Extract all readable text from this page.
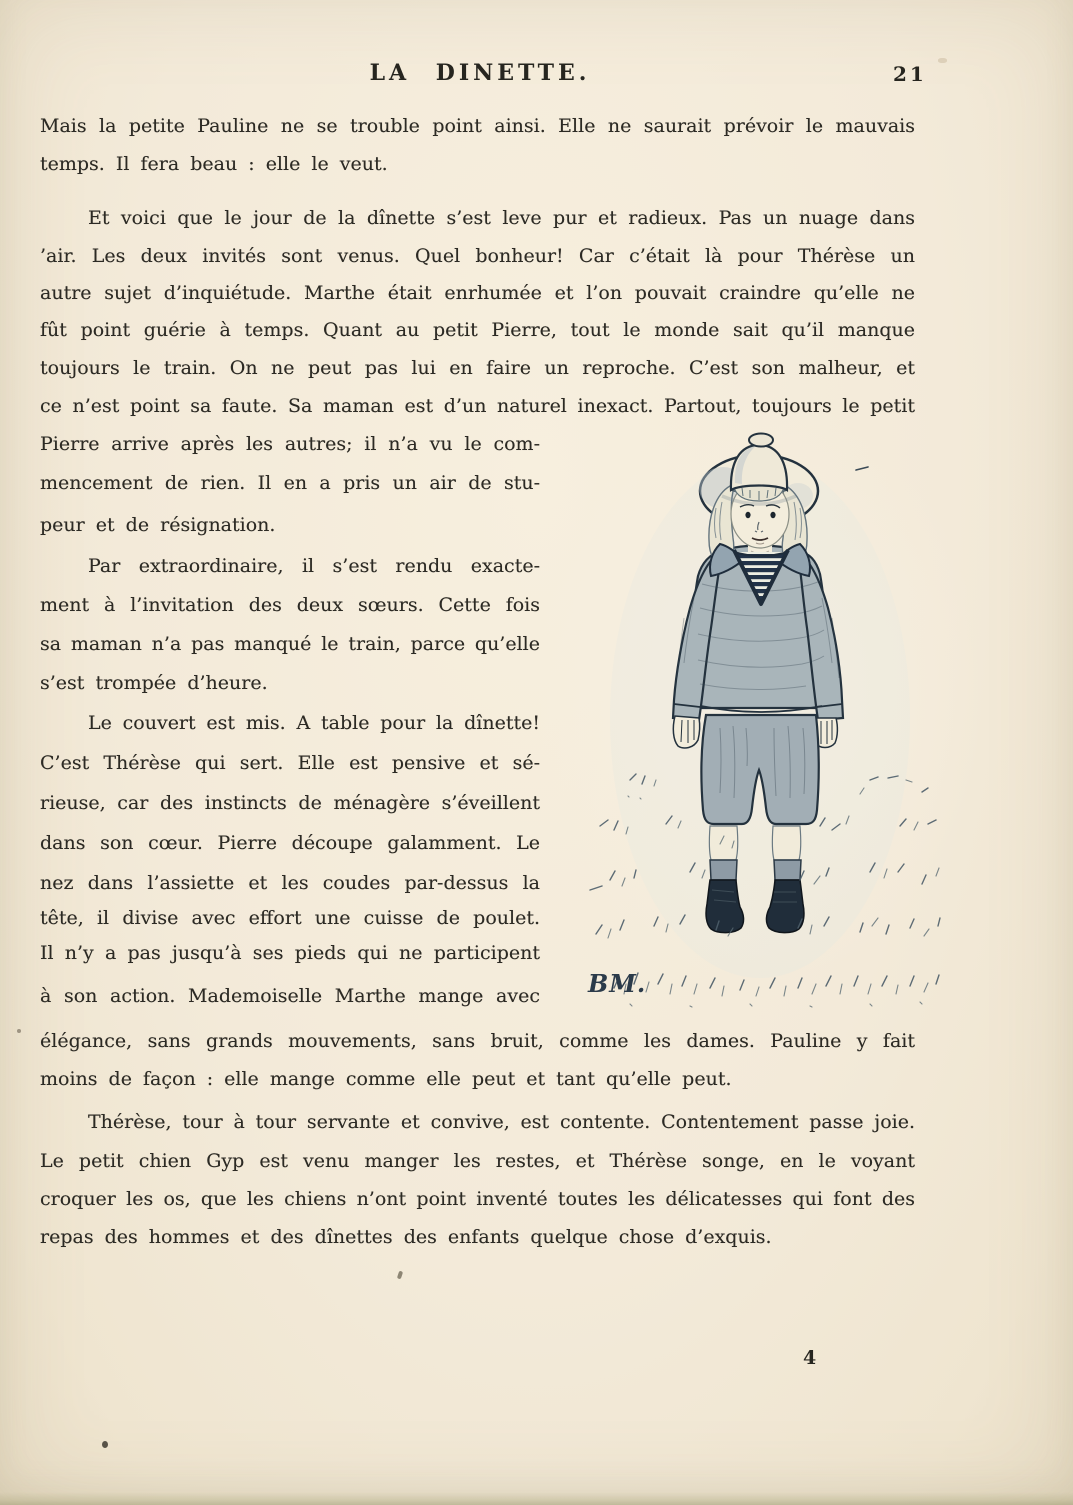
LA DINETTE.	21
Mais la petite Pauline ne se trouble point ainsi. Elle ne saurait prévoir le mauvais
temps. Il fera beau : elle le veut.
Et voici que le jour de la dînette s’est leve pur et radieux. Pas un nuage dans
’air. Les deux invités sont venus. Quel bonheur! Car c’était là pour Thérèse un
autre sujet d’inquiétude. Marthe était enrhumée et l’on pouvait craindre qu’elle ne
fût point guérie à temps. Quant au petit Pierre, tout le monde sait qu’il manque
toujours le train. On ne peut pas lui en faire un reproche. C’est son malheur, et
ce n’est point sa faute. Sa maman est d’un naturel inexact. Partout, toujours le petit
Pierre arrive après les autres; il n’a vu le com-
mencement de rien. Il en a pris un air de stu-
peur et de résignation.
Par extraordinaire, il s’est rendu exacte-
ment à l’invitation des deux sœurs. Cette fois
sa maman n’a pas manqué le train, parce qu’elle
s’est trompée d’heure.
Le couvert est mis. A table pour la dînette!
C’est Thérèse qui sert. Elle est pensive et sé-
rieuse, car des instincts de ménagère s’éveillent
dans son cœur. Pierre découpe galamment. Le
nez dans l’assiette et les coudes par-dessus la
tête, il divise avec effort une cuisse de poulet.
Il n’y a pas jusqu’à ses pieds qui ne participent
à son action. Mademoiselle Marthe mange avec
élégance, sans grands mouvements, sans bruit, comme les dames. Pauline y fait
moins de façon : elle mange comme elle peut et tant qu’elle peut.
Thérèse, tour à tour servante et convive, est contente. Contentement passe joie.
Le petit chien Gyp est venu manger les restes, et Thérèse songe, en le voyant
croquer les os, que les chiens n’ont point inventé toutes les délicatesses qui font des
repas des hommes et des dînettes des enfants quelque chose d’exquis.
BM.
4
